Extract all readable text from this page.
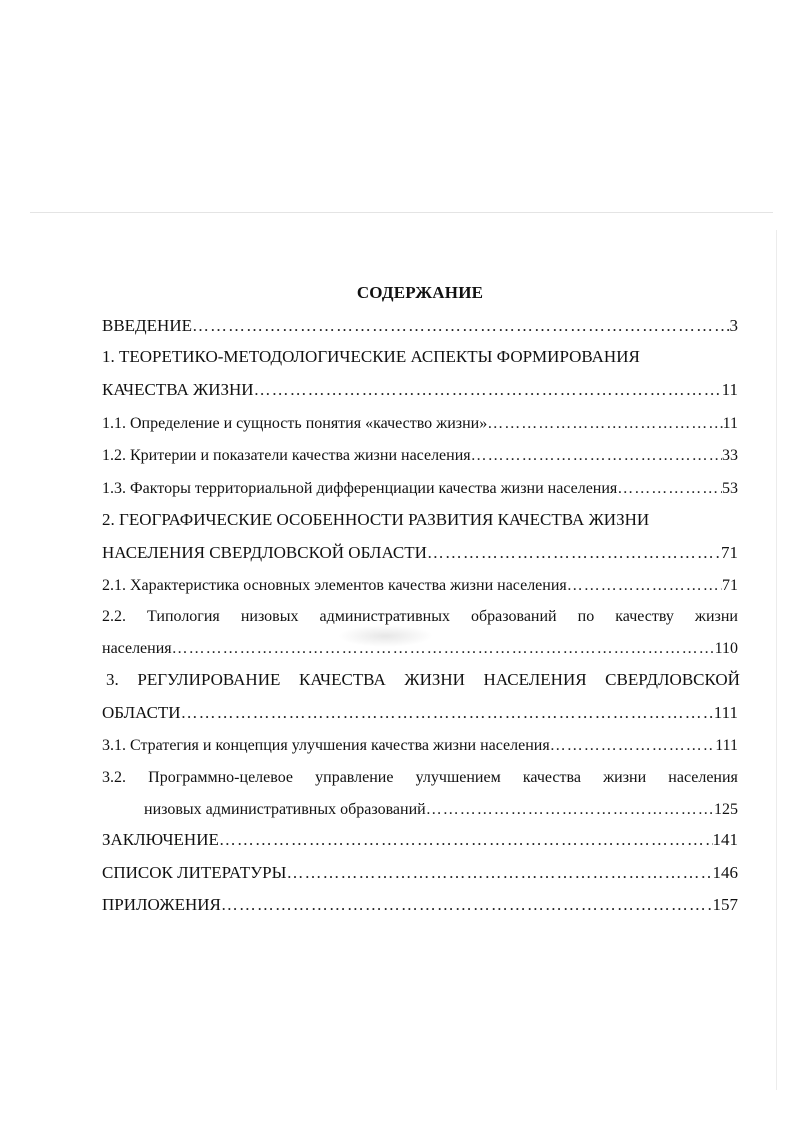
СОДЕРЖАНИЕ
ВВЕДЕНИЕ …………………………………………………………………………………………………………………………………………………………………………………………	3
1. ТЕОРЕТИКО-МЕТОДОЛОГИЧЕСКИЕ АСПЕКТЫ ФОРМИРОВАНИЯ
КАЧЕСТВА ЖИЗНИ …………………………………………………………………………………………………………………………………………………………………………………………	11
1.1. Определение и сущность понятия «качество жизни» …………………………………………………………………………………………………………………………………………………………………………………………	11
1.2. Критерии и показатели качества жизни населения …………………………………………………………………………………………………………………………………………………………………………………………	33
1.3. Факторы территориальной дифференциации качества жизни населения …………………………………………………………………………………………………………………………………………………………………………………………	53
2. ГЕОГРАФИЧЕСКИЕ ОСОБЕННОСТИ РАЗВИТИЯ КАЧЕСТВА ЖИЗНИ
НАСЕЛЕНИЯ СВЕРДЛОВСКОЙ ОБЛАСТИ …………………………………………………………………………………………………………………………………………………………………………………………	71
2.1. Характеристика основных элементов качества жизни населения …………………………………………………………………………………………………………………………………………………………………………………………	71
2.2. Типология низовых административных образований по качеству жизни
населения …………………………………………………………………………………………………………………………………………………………………………………………	110
3. РЕГУЛИРОВАНИЕ КАЧЕСТВА ЖИЗНИ НАСЕЛЕНИЯ СВЕРДЛОВСКОЙ
ОБЛАСТИ …………………………………………………………………………………………………………………………………………………………………………………………	111
3.1. Стратегия и концепция улучшения качества жизни населения …………………………………………………………………………………………………………………………………………………………………………………………	111
3.2. Программно-целевое управление улучшением качества жизни населения
низовых административных образований …………………………………………………………………………………………………………………………………………………………………………………………	125
ЗАКЛЮЧЕНИЕ …………………………………………………………………………………………………………………………………………………………………………………………	141
СПИСОК ЛИТЕРАТУРЫ …………………………………………………………………………………………………………………………………………………………………………………………	146
ПРИЛОЖЕНИЯ …………………………………………………………………………………………………………………………………………………………………………………………	157
